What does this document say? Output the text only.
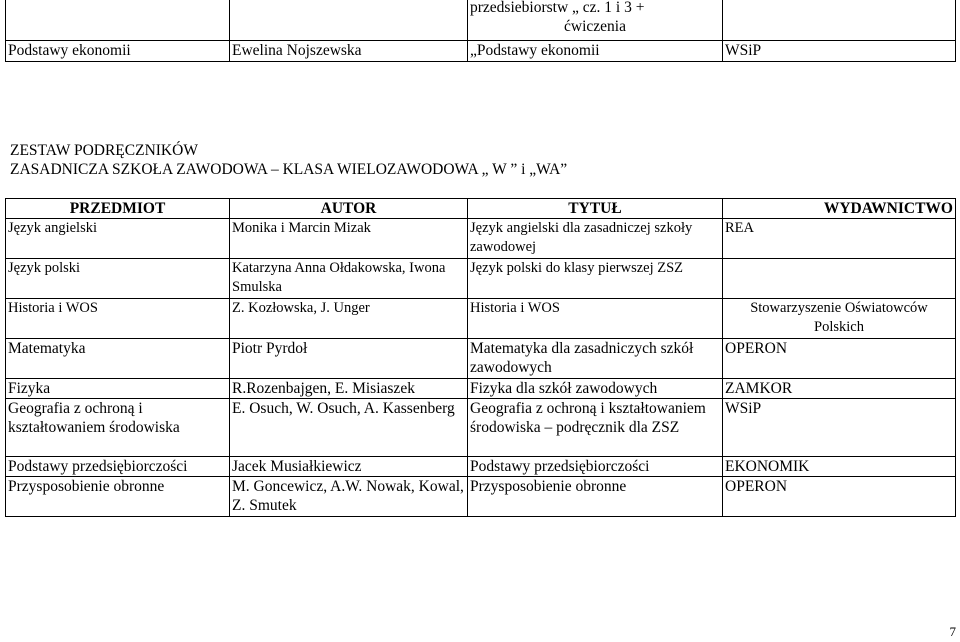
		przedsiebiorstw „ cz. 1 i 3 +
ćwiczenia	

Podstawy ekonomii	Ewelina Nojszewska	„Podstawy ekonomii	WSiP
ZESTAW PODRĘCZNIKÓW
ZASADNICZA SZKOŁA ZAWODOWA – KLASA WIELOZAWODOWA „ W ” i „WA”
PRZEDMIOT	AUTOR	TYTUŁ	WYDAWNICTWO
Język angielski	Monika i Marcin Mizak	Język angielski dla zasadniczej szkoły zawodowej	REA
Język polski	Katarzyna Anna Ołdakowska, Iwona Smulska	Język polski do klasy pierwszej ZSZ	
Historia i WOS	Z. Kozłowska, J. Unger	Historia i WOS	Stowarzyszenie Oświatowców Polskich
Matematyka	Piotr Pyrdoł	Matematyka dla zasadniczych szkół zawodowych	OPERON
Fizyka	R.Rozenbajgen, E. Misiaszek	Fizyka dla szkół zawodowych	ZAMKOR
Geografia z ochroną i kształtowaniem środowiska	E. Osuch, W. Osuch, A. Kassenberg	Geografia z ochroną i kształtowaniem środowiska – podręcznik dla ZSZ	WSiP
Podstawy przedsiębiorczości	Jacek Musiałkiewicz	Podstawy przedsiębiorczości	EKONOMIK
Przysposobienie obronne	M. Goncewicz, A.W. Nowak, Kowal, Z. Smutek	Przysposobienie obronne	OPERON
7
